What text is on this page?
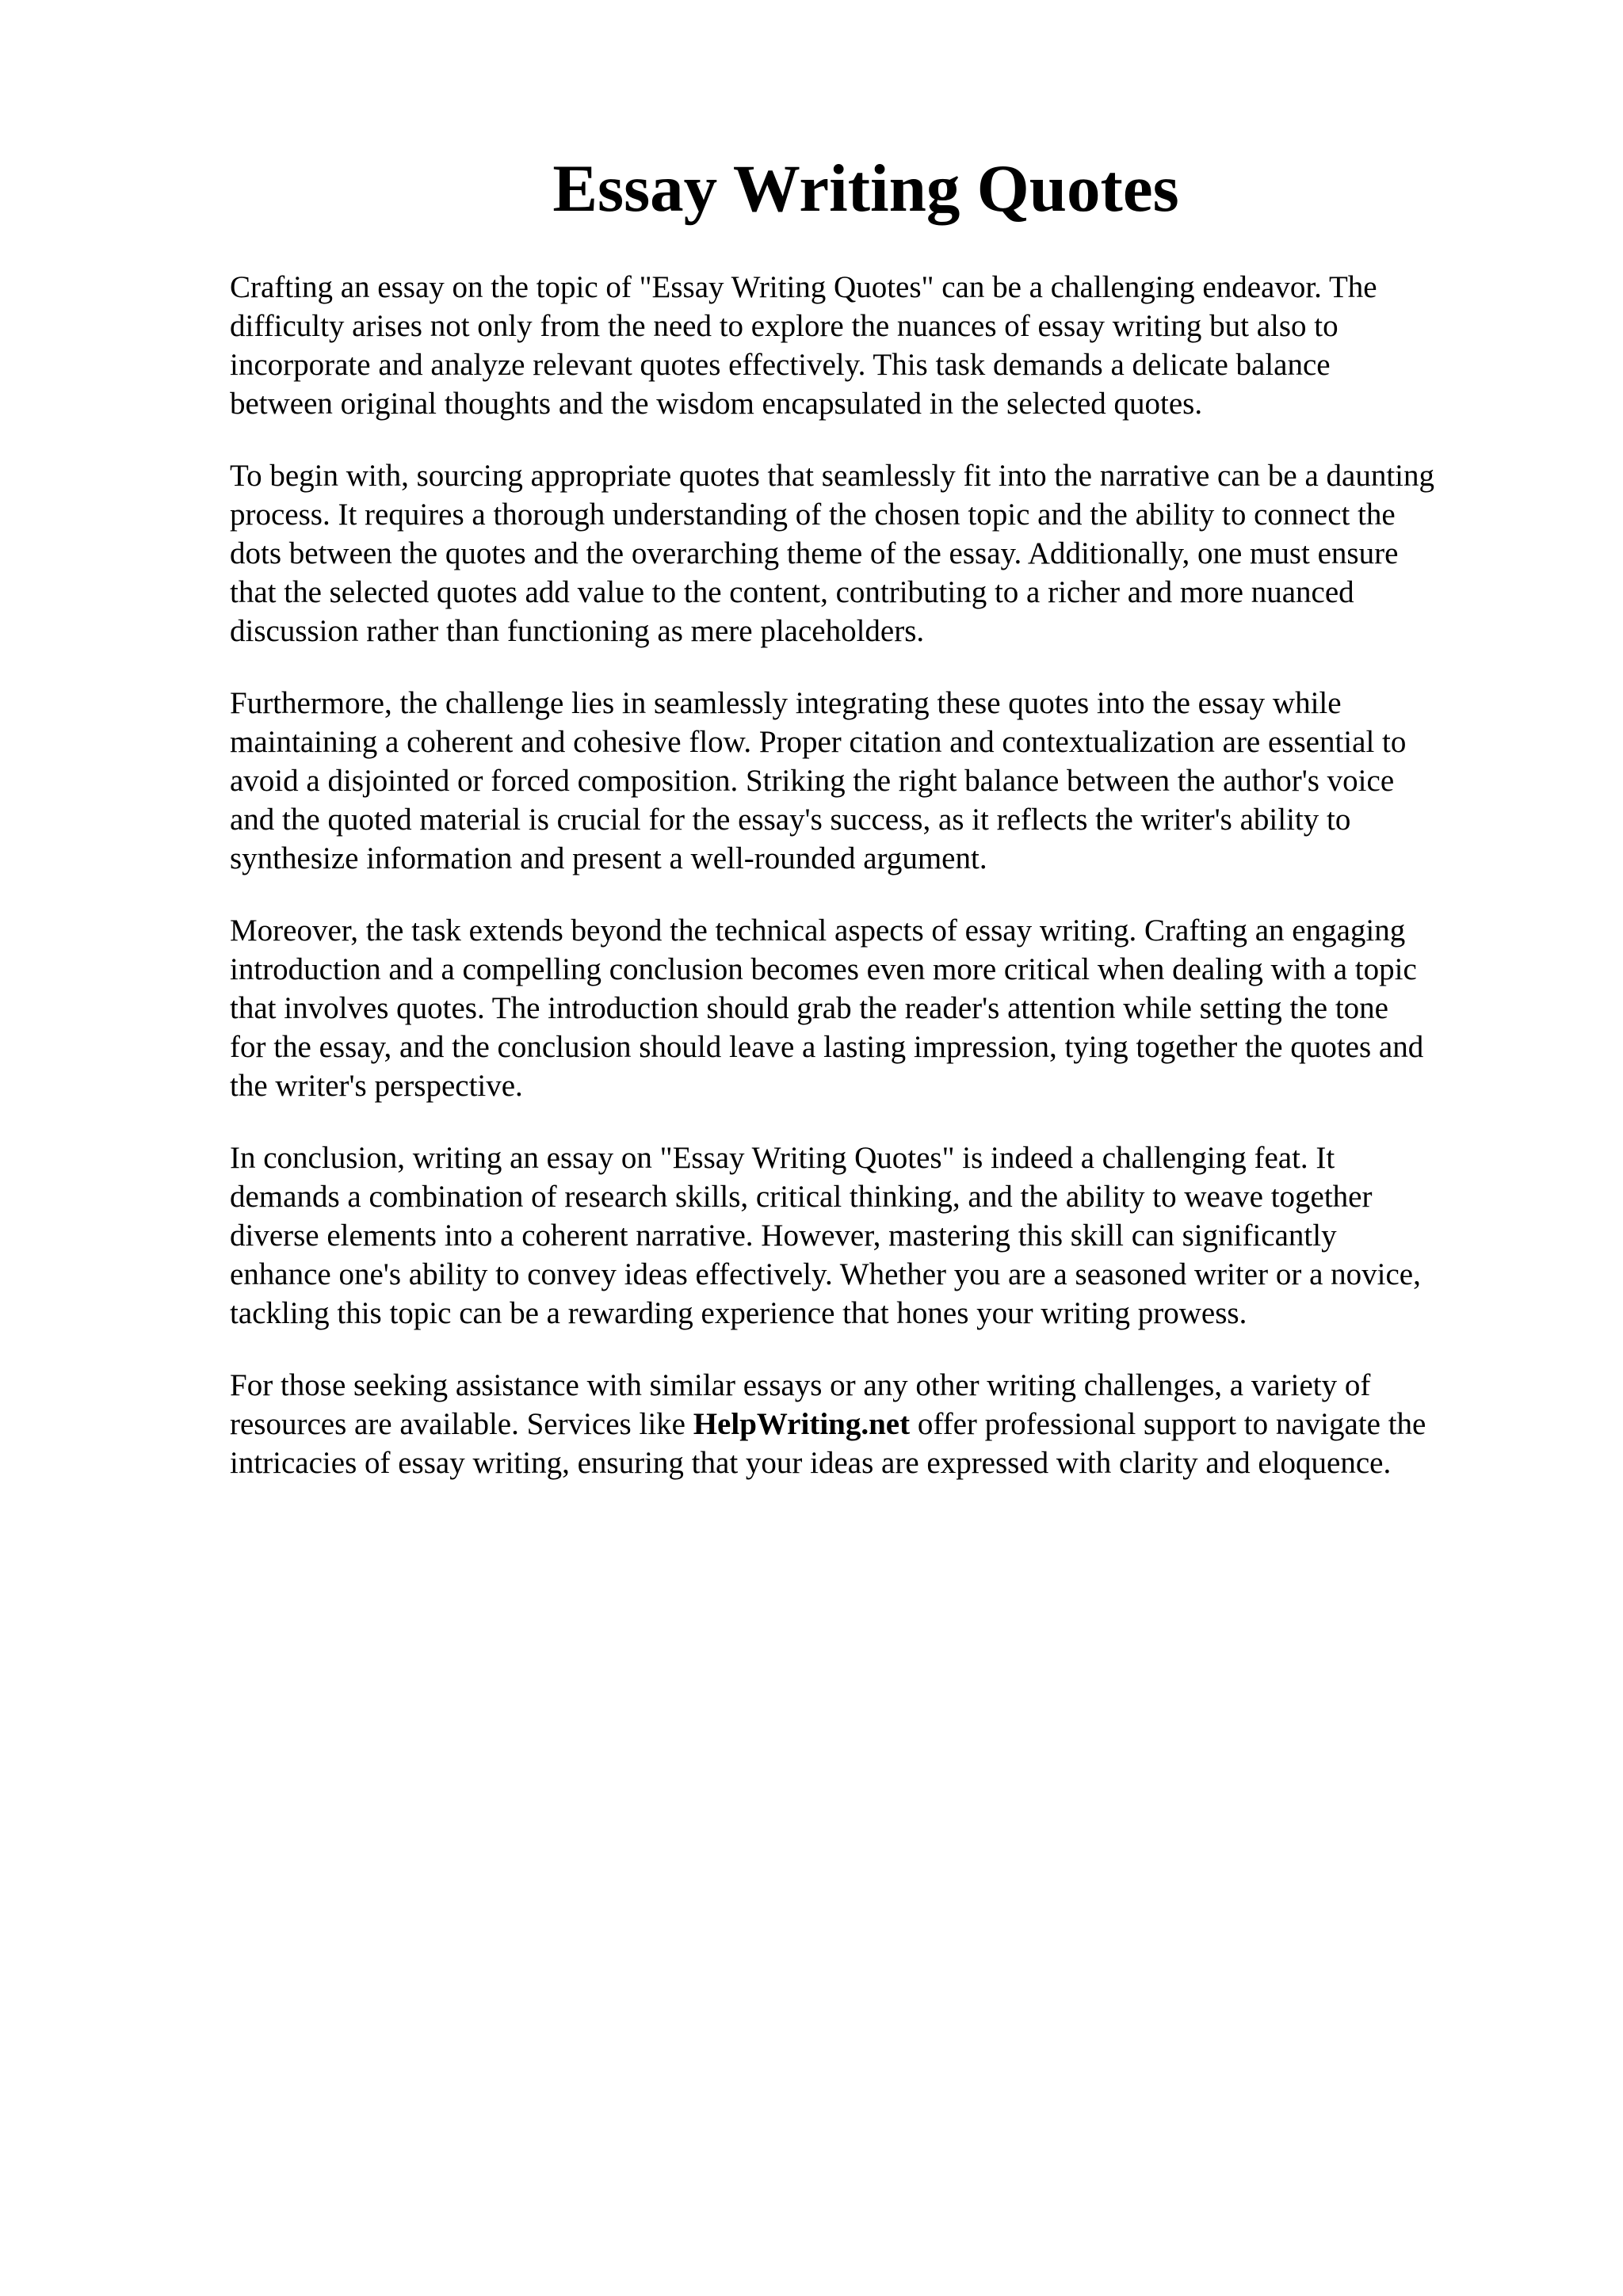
Essay Writing Quotes
Crafting an essay on the topic of "Essay Writing Quotes" can be a challenging endeavor. The
difficulty arises not only from the need to explore the nuances of essay writing but also to
incorporate and analyze relevant quotes effectively. This task demands a delicate balance
between original thoughts and the wisdom encapsulated in the selected quotes.
To begin with, sourcing appropriate quotes that seamlessly fit into the narrative can be a daunting
process. It requires a thorough understanding of the chosen topic and the ability to connect the
dots between the quotes and the overarching theme of the essay. Additionally, one must ensure
that the selected quotes add value to the content, contributing to a richer and more nuanced
discussion rather than functioning as mere placeholders.
Furthermore, the challenge lies in seamlessly integrating these quotes into the essay while
maintaining a coherent and cohesive flow. Proper citation and contextualization are essential to
avoid a disjointed or forced composition. Striking the right balance between the author's voice
and the quoted material is crucial for the essay's success, as it reflects the writer's ability to
synthesize information and present a well-rounded argument.
Moreover, the task extends beyond the technical aspects of essay writing. Crafting an engaging
introduction and a compelling conclusion becomes even more critical when dealing with a topic
that involves quotes. The introduction should grab the reader's attention while setting the tone
for the essay, and the conclusion should leave a lasting impression, tying together the quotes and
the writer's perspective.
In conclusion, writing an essay on "Essay Writing Quotes" is indeed a challenging feat. It
demands a combination of research skills, critical thinking, and the ability to weave together
diverse elements into a coherent narrative. However, mastering this skill can significantly
enhance one's ability to convey ideas effectively. Whether you are a seasoned writer or a novice,
tackling this topic can be a rewarding experience that hones your writing prowess.
For those seeking assistance with similar essays or any other writing challenges, a variety of
resources are available. Services like HelpWriting.net offer professional support to navigate the
intricacies of essay writing, ensuring that your ideas are expressed with clarity and eloquence.
